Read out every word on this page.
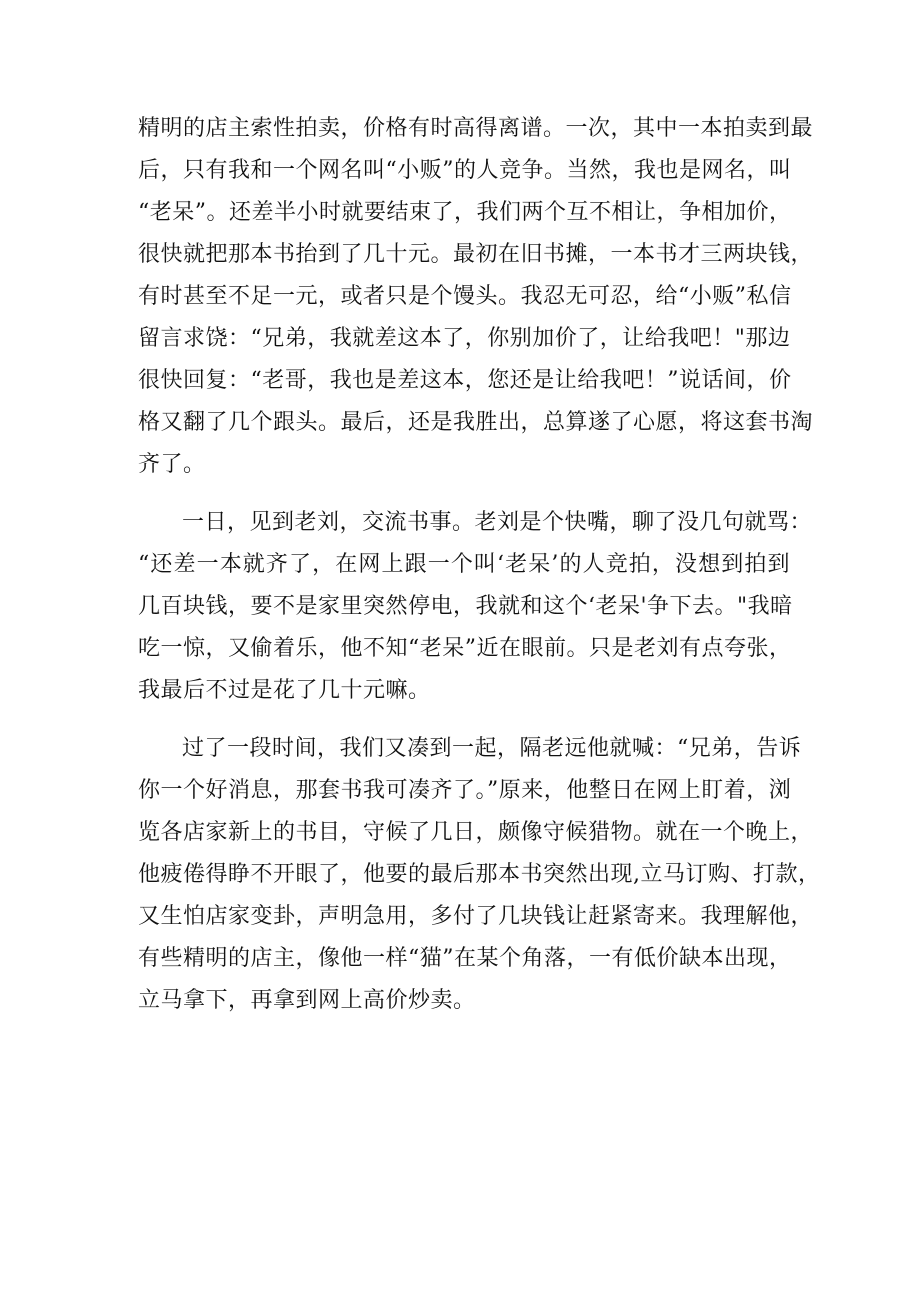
精明的店主索性拍卖，价格有时高得离谱。一次，其中一本拍卖到最
后，只有我和一个网名叫“小贩”的人竞争。当然，我也是网名，叫
“老呆”。还差半小时就要结束了，我们两个互不相让，争相加价，
很快就把那本书抬到了几十元。最初在旧书摊，一本书才三两块钱，
有时甚至不足一元，或者只是个馒头。我忍无可忍，给“小贩”私信
留言求饶：“兄弟，我就差这本了，你别加价了，让给我吧！"那边
很快回复：“老哥，我也是差这本，您还是让给我吧！”说话间，价
格又翻了几个跟头。最后，还是我胜出，总算遂了心愿，将这套书淘
齐了。
一日，见到老刘，交流书事。老刘是个快嘴，聊了没几句就骂：
“还差一本就齐了，在网上跟一个叫‘老呆’的人竞拍，没想到拍到
几百块钱，要不是家里突然停电，我就和这个‘老呆'争下去。"我暗
吃一惊，又偷着乐，他不知“老呆”近在眼前。只是老刘有点夸张，
我最后不过是花了几十元嘛。
过了一段时间，我们又凑到一起，隔老远他就喊：“兄弟，告诉
你一个好消息，那套书我可凑齐了。”原来，他整日在网上盯着，浏
览各店家新上的书目，守候了几日，颇像守候猎物。就在一个晚上，
他疲倦得睁不开眼了，他要的最后那本书突然出现,立马订购、打款，
又生怕店家变卦，声明急用，多付了几块钱让赶紧寄来。我理解他，
有些精明的店主，像他一样“猫”在某个角落，一有低价缺本出现，
立马拿下，再拿到网上高价炒卖。
